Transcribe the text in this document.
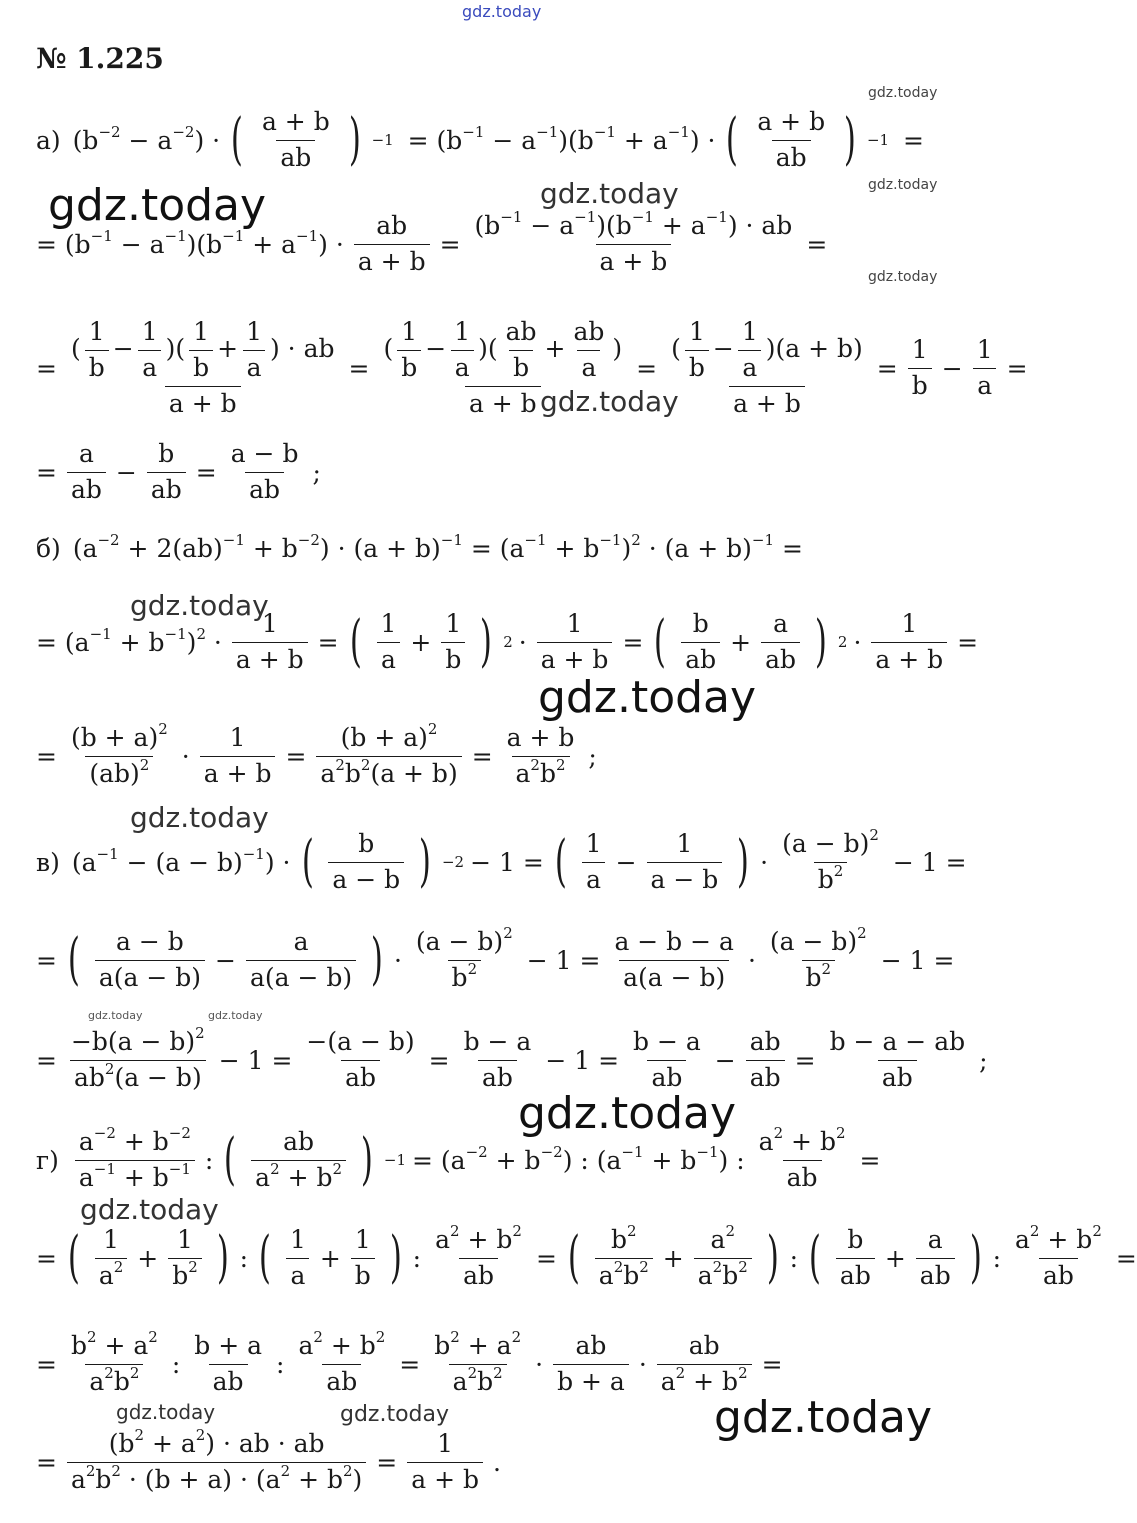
gdz.today
№ 1.225
gdz.today
а) $(b^{-2} - a^{-2})$ · ( $\frac{a + b}{ab}$ ) $-1 = (b^{-1} - a^{-1})(b^{-1} + a^{-1})$ · ( $\frac{a + b}{ab}$ ) −1 =
gdz.today
gdz.today	gdz.today
= $(b^{-1} - a^{-1})(b^{-1} + a^{-1}) \cdot \frac{ab}{a + b} = \frac{(b^{-1} - a^{-1})(b^{-1} + a^{-1}) \cdot ab}{a + b}$ =
gdz.today
= $\frac{( \frac{1}{b} - \frac{1}{a} )( \frac{1}{b} + \frac{1}{a} ) \cdot ab}{a + b} = \frac{( \frac{1}{b} - \frac{1}{a} )( \frac{ab}{b} + \frac{ab}{a} )}{a + b} = \frac{( \frac{1}{b} - \frac{1}{a} )(a + b)}{a + b} = \frac{1}{b} - \frac{1}{a}$ =
gdz.today
= $\frac{a}{ab} - \frac{b}{ab} = \frac{a - b}{ab}$ ;
б) $(a^{-2} + 2(ab)^{-1} + b^{-2}) \cdot (a + b)^{-1} = (a^{-1} + b^{-1})^2 \cdot (a + b)^{-1}$ =
gdz.today
= $(a^{-1} + b^{-1})^2 \cdot \frac{1}{a + b}$ = ( $\frac{1}{a} + \frac{1}{b}$ ) $2 \cdot \frac{1}{a + b}$ = ( $\frac{b}{ab} + \frac{a}{ab}$ ) $2 \cdot \frac{1}{a + b}$ =
gdz.today
= $\frac{(b + a)^2}{(ab)^2} \cdot \frac{1}{a + b} = \frac{(b + a)^2}{a^2b^2(a + b)} = \frac{a + b}{a^2b^2}$ ;
gdz.today
в) $(a^{-1} - (a - b)^{-1})$ · ( $\frac{b}{a - b}$ ) −2 − 1 = ( $\frac{1}{a} - \frac{1}{a - b}$ ) · $\frac{(a - b)^2}{b^2} - 1$ =
= ( $\frac{a - b}{a(a - b)} - \frac{a}{a(a - b)}$ ) · $\frac{(a - b)^2}{b^2} - 1 = \frac{a - b - a}{a(a - b)} \cdot \frac{(a - b)^2}{b^2} - 1$ =
gdz.today	gdz.today
= $\frac{-b(a - b)^2}{ab^2(a - b)} - 1 = \frac{-(a - b)}{ab} = \frac{b - a}{ab} - 1 = \frac{b - a}{ab} - \frac{ab}{ab} = \frac{b - a - ab}{ab}$ ;
gdz.today
$г) \frac{a^{-2} + b^{-2}}{a^{-1} + b^{-1}}$ : ( $\frac{ab}{a^2 + b^2}$ ) $-1 = (a^{-2} + b^{-2})$ : $(a^{-1} + b^{-1})$ : $\frac{a^2 + b^2}{ab}$ =
gdz.today
= ( $\frac{1}{a^2} + \frac{1}{b^2}$ ) : ( $\frac{1}{a} + \frac{1}{b}$ ) : $\frac{a^2 + b^2}{ab}$ = ( $\frac{b^2}{a^2b^2} + \frac{a^2}{a^2b^2}$ ) : ( $\frac{b}{ab} + \frac{a}{ab}$ ) : $\frac{a^2 + b^2}{ab}$ =
= $\frac{b^2 + a^2}{a^2b^2}$ : $\frac{b + a}{ab}$ : $\frac{a^2 + b^2}{ab} = \frac{b^2 + a^2}{a^2b^2} \cdot \frac{ab}{b + a} \cdot \frac{ab}{a^2 + b^2}$ =
gdz.today	gdz.today	gdz.today
= $\frac{(b^2 + a^2) \cdot ab \cdot ab}{a^2b^2 \cdot (b + a) \cdot (a^2 + b^2)} = \frac{1}{a + b}$ .
